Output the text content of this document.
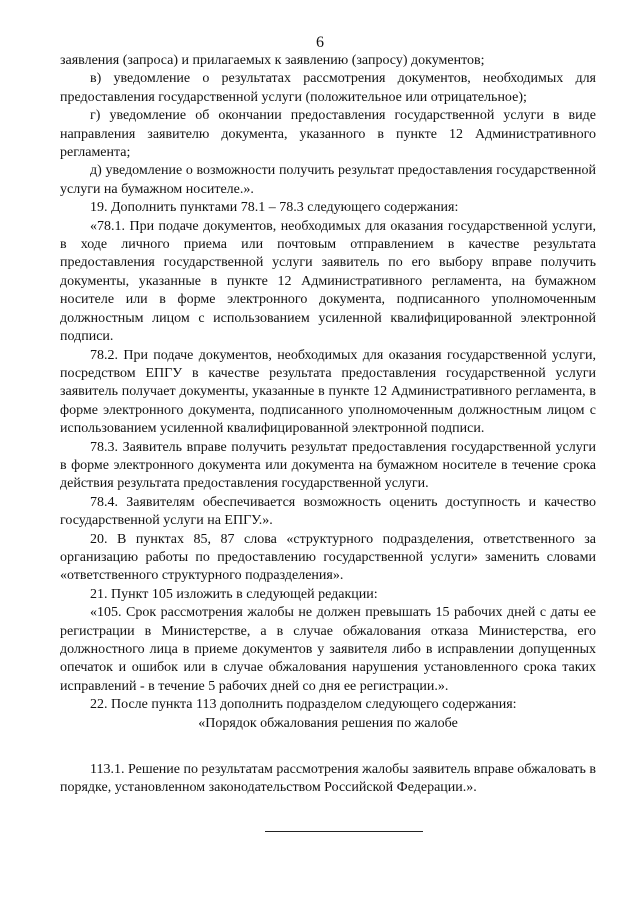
6

заявления (запроса) и прилагаемых к заявлению (запросу) документов;

в) уведомление о результатах рассмотрения документов, необходимых для предоставления государственной услуги (положительное или отрицательное);

г) уведомление об окончании предоставления государственной услуги в виде направления заявителю документа, указанного в пункте 12 Административного регламента;

д) уведомление о возможности получить результат предоставления государственной услуги на бумажном носителе.».

19. Дополнить пунктами 78.1 – 78.3 следующего содержания:

«78.1. При подаче документов, необходимых для оказания государственной услуги, в ходе личного приема или почтовым отправлением в качестве результата предоставления государственной услуги заявитель по его выбору вправе получить документы, указанные в пункте 12 Административного регламента, на бумажном носителе или в форме электронного документа, подписанного уполномоченным должностным лицом с использованием усиленной квалифицированной электронной подписи.

78.2. При подаче документов, необходимых для оказания государственной услуги, посредством ЕПГУ в качестве результата предоставления государственной услуги заявитель получает документы, указанные в пункте 12 Административного регламента, в форме электронного документа, подписанного уполномоченным должностным лицом с использованием усиленной квалифицированной электронной подписи.

78.3. Заявитель вправе получить результат предоставления государственной услуги в форме электронного документа или документа на бумажном носителе в течение срока действия результата предоставления государственной услуги.

78.4. Заявителям обеспечивается возможность оценить доступность и качество государственной услуги на ЕПГУ.».

20. В пунктах 85, 87 слова «структурного подразделения, ответственного за организацию работы по предоставлению государственной услуги» заменить словами «ответственного структурного подразделения».

21. Пункт 105 изложить в следующей редакции:

«105. Срок рассмотрения жалобы не должен превышать 15 рабочих дней с даты ее регистрации в Министерстве, а в случае обжалования отказа Министерства, его должностного лица в приеме документов у заявителя либо в исправлении допущенных опечаток и ошибок или в случае обжалования нарушения установленного срока таких исправлений - в течение 5 рабочих дней со дня ее регистрации.».

22. После пункта 113 дополнить подразделом следующего содержания:

«Порядок обжалования решения по жалобе

113.1. Решение по результатам рассмотрения жалобы заявитель вправе обжаловать в порядке, установленном законодательством Российской Федерации.».
